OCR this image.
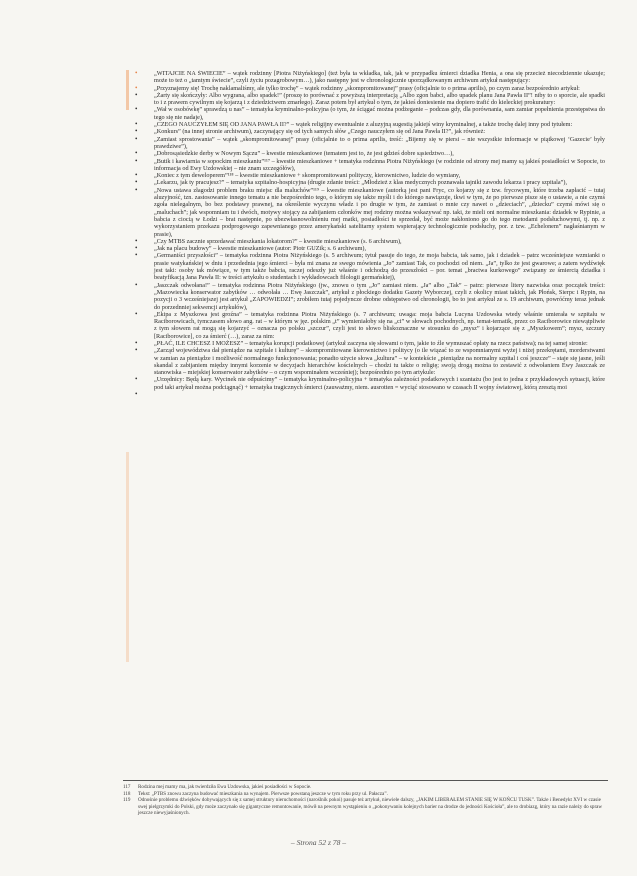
•	„WITAJCIE NA ŚWIECIE” – wątek rodzinny [Piotra Niżyńskiego] (też była ta wkładka, tak, jak w przypadku śmierci dziadka Henia, a ona się przecież niecodziennie ukazuje; może to też o „tamtym świecie”, czyli życiu pozagrobowym…), jako następny jest w chronologicznie uporządkowanym archiwum artykuł następujący:

•	„Przyznajemy się! Trochę naklamaliśmy, ale tylko trochę” – wątek rodzinny „skompromitowanej” prasy (oficjalnie to o prima aprilis), po czym zaraz bezpośrednio artykuł:

•	„Żarty się skończyły: Albo wygrana, albo spadek!” (proszę to porównać z powyższą interpretacją „Albo zgon babci, albo upadek planu Jana Pawła II”! niby to o sporcie, ale spadki to i z prawem cywilnym się kojarzą i z dziedzictwem zmarłego). Zaraz potem był artykuł o tym, że jakieś doniesienie ma dopiero trafić do kieleckiej prokuratury:

•	„Wał w osobówkę” sprawdzą u nas” – tematyka kryminalno-policyjna (o tym, że ściągać można podżeganie – podczas gdy, dla porównania, sam zamiar popełnienia przestępstwa do tego się nie nadaje),

•	„CZEGO NAUCZYŁEM SIĘ OD JANA PAWŁA II?” – wątek religijny ewentualnie z aluzyjną sugestią jakiejś winy kryminalnej, a także trochę dalej inny pod tytułem:

•	„Konkurs” (na innej stronie archiwum), zaczynający się od tych samych słów „Czego nauczyłem się od Jana Pawła II?”, jak również:

•	„Zamiast sprostowania” – wątek „skompromitowanej” prasy (oficjalnie to o prima aprilis, treść: „Bijemy się w piersi – nie wszystkie informacje w piątkowej ‘Gazecie’ były prawdziwe”),

•	„Dobrosąsiedzkie derby w Nowym Sączu” – kwestie mieszkaniowe (tematem jest to, że jest gdzieś dobre sąsiedztwo…),

•	„Butik i kawiarnia w sopockim mieszkaniu”¹¹⁷ – kwestie mieszkaniowe + tematyka rodzinna Piotra Niżyńskiego (w rodzinie od strony mej mamy są jakieś posiadłości w Sopocie, to informacja od Ewy Uzdowskiej – nie znam szczegółów),

•	„Koniec z tym deweloperem”¹¹⁸ – kwestie mieszkaniowe + skompromitowani polityczy, kierownictwo, ludzie do wymiany,

•	„Lekarzu, jak ty pracujesz?” – tematyka szpitalno-hospicyjna (drugie zdanie treści: „Młodzież z klas medycznych poznawała tajniki zawodu lekarza i pracy szpitala”),

•	„Nowa ustawa złagodzi problem braku miejsc dla maluchów”¹¹⁹ – kwestie mieszkaniowe (autorką jest pani Fryc, co kojarzy się z tzw. frycowym, które trzeba zapłacić – tutaj aluzyjność, tzn. zastosowanie innego tematu a nie bezpośrednio tego, o którym się także myśli i do którego nawiązuje, tkwi w tym, że po pierwsze pisze się o ustawie, a nie czymś zgoła nielegalnym, bo bez podstawy prawnej, na określenie wyczynu władz i po drugie w tym, że zamiast o mnie czy nawet o „dzieciach”, „dziecku” czymś mówi się o „maluchach”; jak wspomniam tu i dwóch, motywy stojący za zabijaniem członków mej rodziny można wskazywać np. taki, że mieli oni normalne mieszkania: dziadek w Rypinie, a babcia z ciocią w Łodzi – brat następnie, po ubezwłasnowolnieniu mej matki, posiadłości te sprzedał, być może nakłoniono go do tego metodami podsłuchowymi, tj. np. z wykorzystaniem przekazu podprogowego zapewnianego przez amerykański satelitarny system wspierający technologicznie podsłuchy, por. z tzw. „Echelonem” nagłaśnianym w prasie),

•	„Czy MTBS zacznie sprzedawać mieszkania lokatorom?” – kwestie mieszkaniowe (s. 6 archiwum),

•	„Jak na placu budowy” – kwestie mieszkaniowe (autor: Piotr GUZik; s. 6 archiwum),

•	„Germaniści przyszłości” – tematyka rodzinna Piotra Niżyńskiego (s. 5 archiwum; tytuł pasuje do tego, że moja babcia, tak samo, jak i dziadek – patrz wcześniejsze wzmianki o prasie watykańskiej w dniu i przedednia jego śmierci – była mi znana ze swego mówienia „Jo” zamiast Tak, co pochodzi od niem. „Ja”, tylko że jest gwarowe; a zatem wydźwięk jest taki: osoby tak mówiące, w tym także babcia, raczej odeszły już właśnie i odchodzą do przeszłości – por. temat „bractwa kurkowego” związany ze śmiercią dziadka i beatyfikacją Jana Pawła II: w treści artykułu o studentach i wykładowcach filologii germańskiej),

•	„Jaszczak odwołana!” – tematyka rodzinna Piotra Niżyńskiego (jw., znowu o tym „Jo” zamiast niem. „Ja” albo „Tak” – patrz: pierwsze litery nazwiska oraz początek treści: „Mazowiecka konserwator zabytków … odwołała … Ewę Jaszczak”, artykuł z płockiego dodatku Gazety Wyborczej, czyli z okolicy miast takich, jak Płońsk, Sierpc i Rypin, na pozycji o 3 wcześniejszej jest artykuł „ZAPOWIEDZI”; zrobiłem tutaj pojedyncze drobne odstępstwo od chronologii, bo to jest artykuł ze s. 19 archiwum, powróćmy teraz jednak do porzednniej sekwencji artykułów),

•	„Ekipa z Myszkowa jest groźna” – tematyka rodzinna Piotra Niżyńskiego (s. 7 archiwum; uwaga: moja babcia Lucyna Uzdowska wtedy właśnie umierała w szpitalu w Raciborowicach, tymczasem słowo ang. rat – w którym w jęz. polskim „t” wymieniałoby się na „ci” w słowach pochodnych, np. temat-tematik, przez co Raciborowice niewątpliwie z tym słowem rat mogą się kojarzyć – oznacza po polsku „szczur”, czyli jest to słowo bliskoznaczne w stosunku do „mysz” i kojarzące się z „Myszkowem”; mysz, szczury [Raciborowice], co za śmierć (…), zaraz za nim:

•	„PŁAĆ, ILE CHCESZ I MOŻESZ” – tematyka korupcji podatkowej (artykuł zaczyna się słowami o tym, jakie to źle wymuszać opłaty na rzecz państwa); na tej samej stronie:

•	„Zarząd województwa dał pieniądze na szpitale i kulturę” – skompromitowane kierownictwo i politycy (o ile wiązać to ze wspomnianymi wyżej i niżej przekrętami, morderstwami w zamian za pieniądze i możliwość normalnego funkcjonowania; ponadto użycie słowa „kultura” – w kontekście „pieniądze na normalny szpital i coś jeszcze” – staje się jasne, jeśli skandal z zabijaniem między innymi korzenie w decyzjach hierarchów kościelnych – chodzi tu także o religię; swoją drogą można to zestawić z odwołaniem Ewy Jaszczak ze stanowiska – miejskiej konserwator zabytków – o czym wspominałem wcześniej); bezpośrednio po tym artykule:

•	„Urzędnicy: Będą kary. Wycinek nie odpuścimy” – tematyka kryminalno-policyjna + tematyka zależności podatkowych i szantażu (bo jest to jedna z przykładowych sytuacji, które pod taki artykuł można podciągnąć) + tematyka tragicznych śmierci (zauważmy, niem. ausrotten = wyciąć stosowano w czasach II wojny światowej, którą zresztą moi

•

117	Rodzina mej mamy ma, jak twierdziła Ewa Uzdowska, jakieś posiadłości w Sopocie.

118	Tekst: „PTBS znowu zaczyna budować mieszkania na wynajem. Pierwsze powstaną jeszcze w tym roku przy ul. Pałacza”.

119	Odnośnie problemu dźwięków dobywających się z samej struktury nieruchomości (naroślnik pokoi) pasuje też artykuł, niewiele dalszy, „JAKIM LIBERAŁEM STANIE SIĘ W KOŃCU TUSK”. Także i Benedykt XVI w czasie swej pielgrzymki do Polski, gdy może zaczynało się gigantyczne remontowanie, mówił na pewnym wystąpieniu o „pokonywaniu kolejnych barier na drodze do jedności Kościoła”, ale to drobiazg, który na razie należy do spraw jeszcze niewyjaśnionych.

– Strona 52 z 78 –
